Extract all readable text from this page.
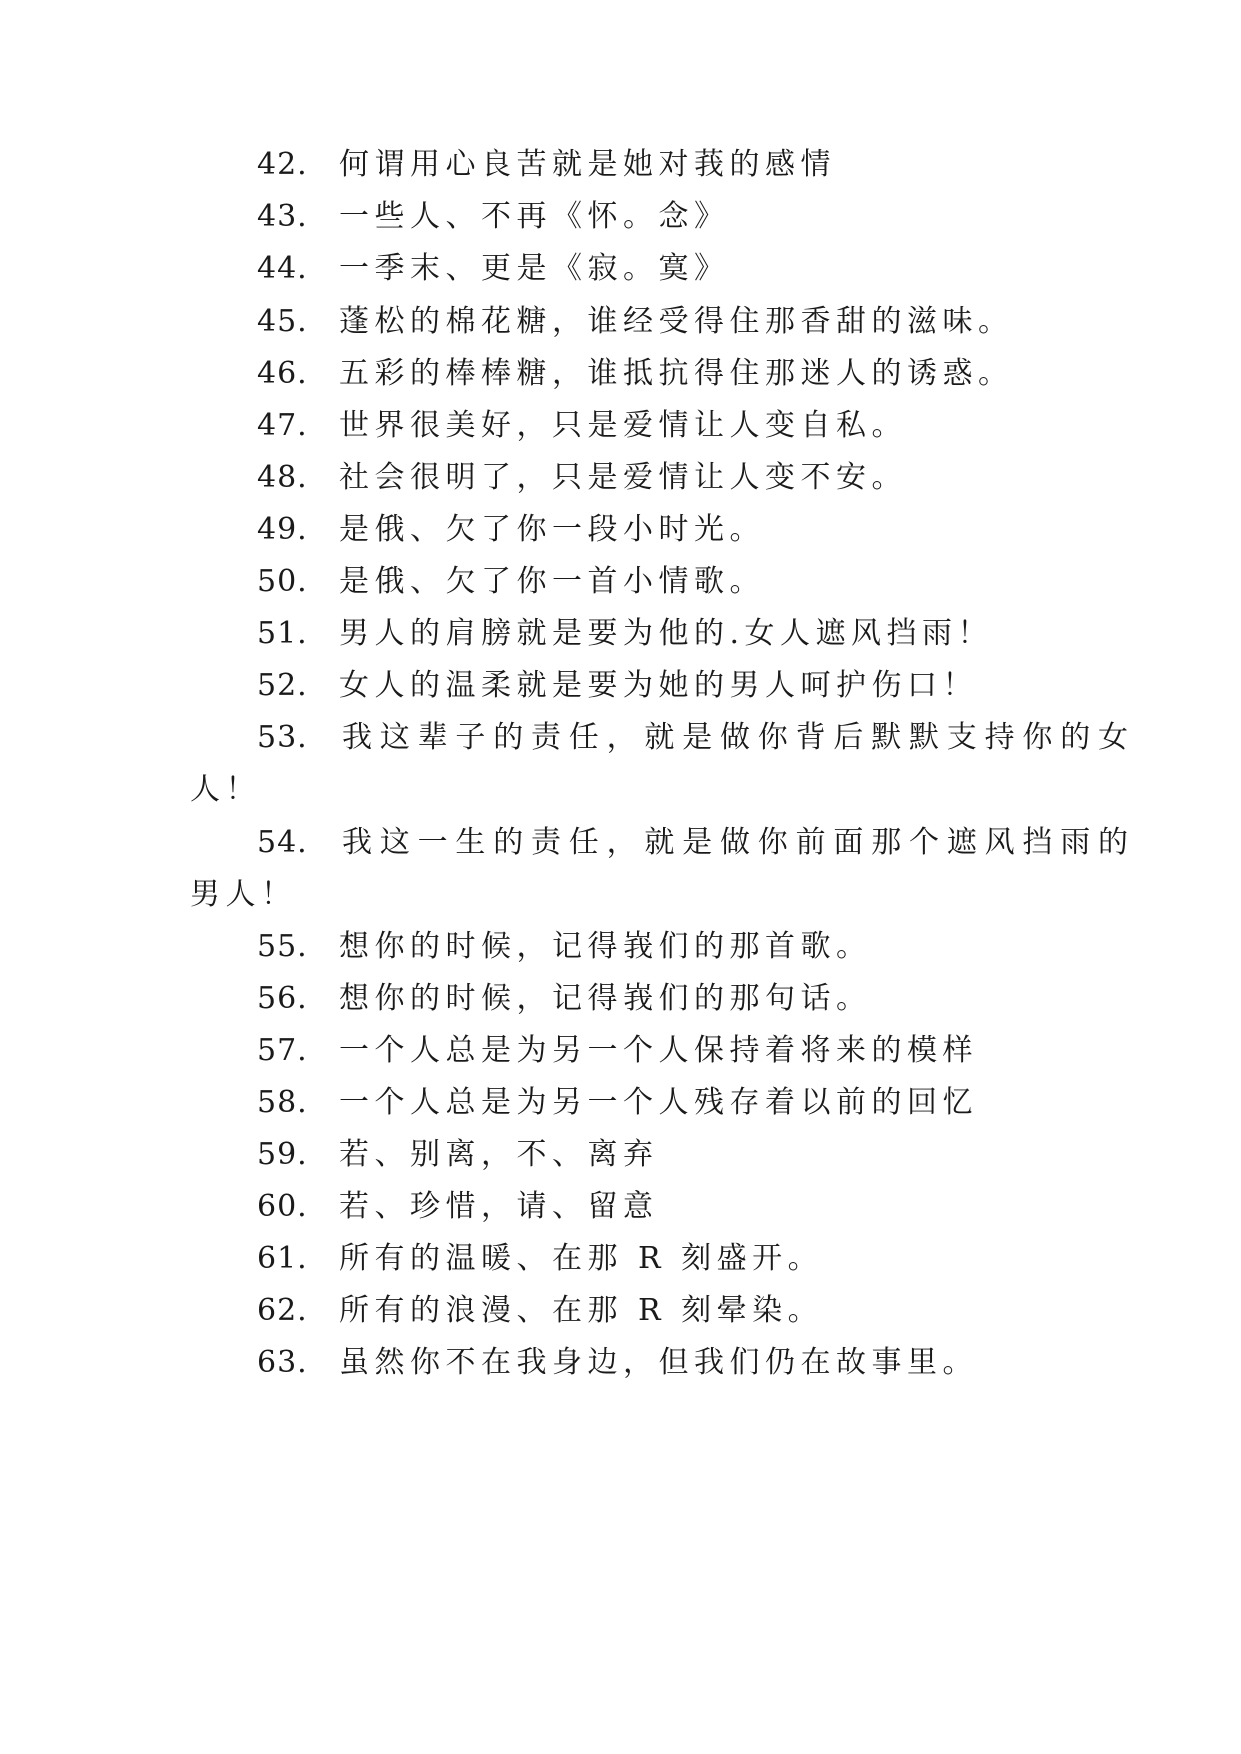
42. 何谓用心良苦就是她对莪的感情
43. 一些人、不再《怀。念》
44. 一季末、更是《寂。寞》
45. 蓬松的棉花糖，谁经受得住那香甜的滋味。
46. 五彩的棒棒糖，谁抵抗得住那迷人的诱惑。
47. 世界很美好，只是爱情让人变自私。
48. 社会很明了，只是爱情让人变不安。
49. 是俄、欠了你一段小时光。
50. 是俄、欠了你一首小情歌。
51. 男人的肩膀就是要为他的.女人遮风挡雨！
52. 女人的温柔就是要为她的男人呵护伤口！
53. 我这辈子的责任，就是做你背后默默支持你的女
人！
54. 我这一生的责任，就是做你前面那个遮风挡雨的
男人！
55. 想你的时候，记得峩们的那首歌。
56. 想你的时候，记得峩们的那句话。
57. 一个人总是为另一个人保持着将来的模样
58. 一个人总是为另一个人残存着以前的回忆
59. 若、别离，不、离弃
60. 若、珍惜，请、留意
61. 所有的温暖、在那 R 刻盛开。
62. 所有的浪漫、在那 R 刻晕染。
63. 虽然你不在我身边，但我们仍在故事里。
